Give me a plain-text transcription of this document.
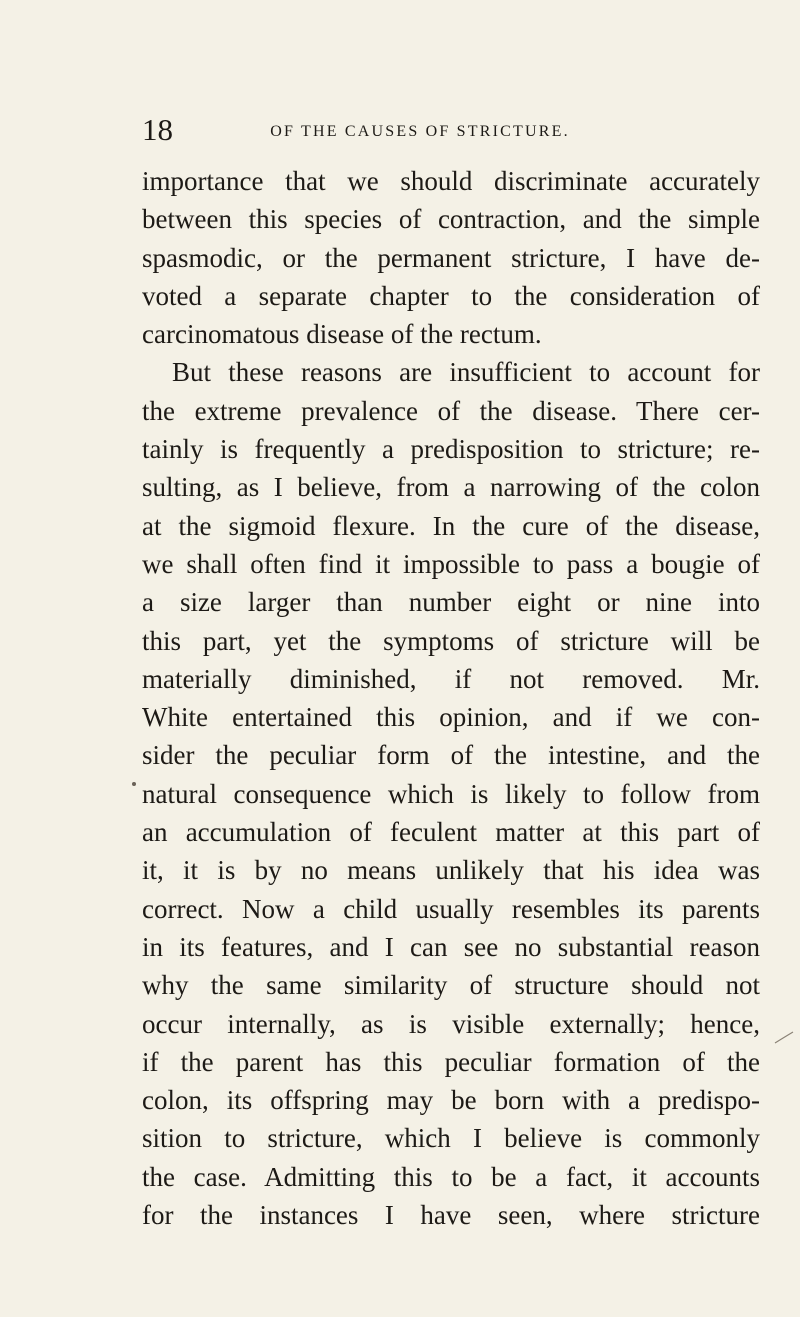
18	OF THE CAUSES OF STRICTURE.
importance that we should discriminate accurately
between this species of contraction, and the simple
spasmodic, or the permanent stricture, I have de-
voted a separate chapter to the consideration of
carcinomatous disease of the rectum.
But these reasons are insufficient to account for
the extreme prevalence of the disease. There cer-
tainly is frequently a predisposition to stricture; re-
sulting, as I believe, from a narrowing of the colon
at the sigmoid flexure. In the cure of the disease,
we shall often find it impossible to pass a bougie of
a size larger than number eight or nine into
this part, yet the symptoms of stricture will be
materially diminished, if not removed. Mr.
White entertained this opinion, and if we con-
sider the peculiar form of the intestine, and the
natural consequence which is likely to follow from
an accumulation of feculent matter at this part of
it, it is by no means unlikely that his idea was
correct. Now a child usually resembles its parents
in its features, and I can see no substantial reason
why the same similarity of structure should not
occur internally, as is visible externally; hence,
if the parent has this peculiar formation of the
colon, its offspring may be born with a predispo-
sition to stricture, which I believe is commonly
the case. Admitting this to be a fact, it accounts
for the instances I have seen, where stricture
